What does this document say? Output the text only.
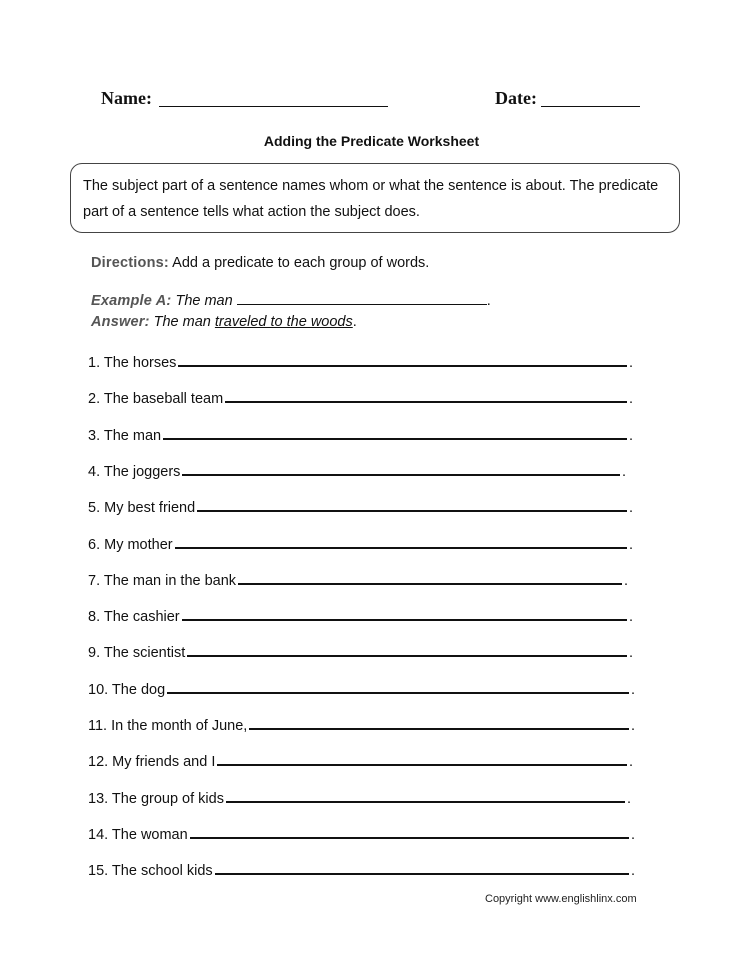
Name:	Date:
Adding the Predicate Worksheet
The subject part of a sentence names whom or what the sentence is about. The predicate part of a sentence tells what action the subject does.
Directions: Add a predicate to each group of words.
Example A: The man	.
Answer: The man traveled to the woods.
1. The horses	.
2. The baseball team	.
3. The man	.
4. The joggers	.
5. My best friend	.
6. My mother	.
7. The man in the bank	.
8. The cashier	.
9. The scientist	.
10. The dog	.
11. In the month of June,	.
12. My friends and I	.
13. The group of kids	.
14. The woman	.
15. The school kids	.
Copyright www.englishlinx.com
